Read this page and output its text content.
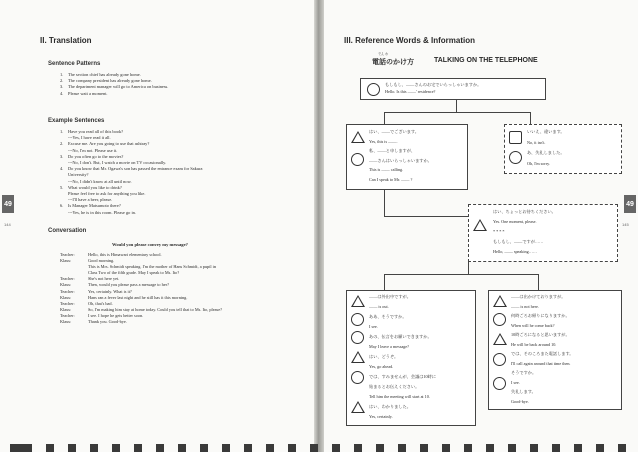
II. Translation
Sentence Patterns
1.	The section chief has already gone home.
2.	The company president has already gone home.
3.	The department manager will go to America on business.
4.	Please wait a moment.
Example Sentences
1.	Have you read all of this book?
---Yes, I have read it all.
2.	Excuse me. Are you going to use that ashtray?
---No, I'm not. Please use it.
3.	Do you often go to the movies?
---No, I don't. But, I watch a movie on TV occasionally.
4.	Do you know that Mr. Ogawa's son has passed the entrance exam for Sakura
University?
---No, I didn't know at all until now.
5.	What would you like to drink?
Please feel free to ask for anything you like.
---I'll have a beer, please.
6.	Is Manager Matsumoto there?
---Yes, he is in this room. Please go in.
Conversation
Would you please convey my message?
Teacher:	Hello, this is Himawari elementary school.
Klaus:	Good morning.
This is Mrs. Schmidt speaking. I'm the mother of Hans Schmidt, a pupil in
Class Two of the fifth grade. May I speak to Ms. Ito?
Teacher:	She's not here yet.
Klaus:	Then, would you please pass a message to her?
Teacher:	Yes, certainly. What is it?
Klaus:	Hans ran a fever last night and he still has it this morning.
Teacher:	Oh, that's bad.
Klaus:	So, I'm making him stay at home today. Could you tell that to Ms. Ito, please?
Teacher:	I see. I hope he gets better soon.
Klaus:	Thank you. Good-bye.
49
144
III. Reference Words & Information
でん わ
電話のかけ方	TALKING ON THE TELEPHONE
もしもし、——さんのお宅でいらっしゃいますか。
Hello. Is this ——' residence?
はい、——でございます。
Yes, this is ——.
私、——と申しますが、
——さんはいらっしゃいますか。
This is —— calling.
Can I speak to Mr. —— ?
いいえ、違います。
No, it isn't.
あ、失礼しました。
Oh, I'm sorry.
はい、ちょっとお待ちください。
Yes. One moment, please.
* * * *
もしもし、——ですが……
Hello, —— speaking……
——は外出中ですが。
—— is out.
ああ、そうですか。
I see.
あの、伝言をお願いできますか。
May I leave a message?
はい、どうぞ。
Yes, go ahead.
では、すみませんが、会議は10時に
始まるとお伝えください。
Tell him the meeting will start at 10.
はい、わかりました。
Yes, certainly.
——は出かけておりますが。
—— is not here.
何時ごろお帰りになりますか。
When will he come back?
10時ごろになると思いますが。
He will be back around 10.
では、そのころまた電話します。
I'll call again around that time then.
そうですか。
I see.
失礼します。
Good-bye.
49
145
